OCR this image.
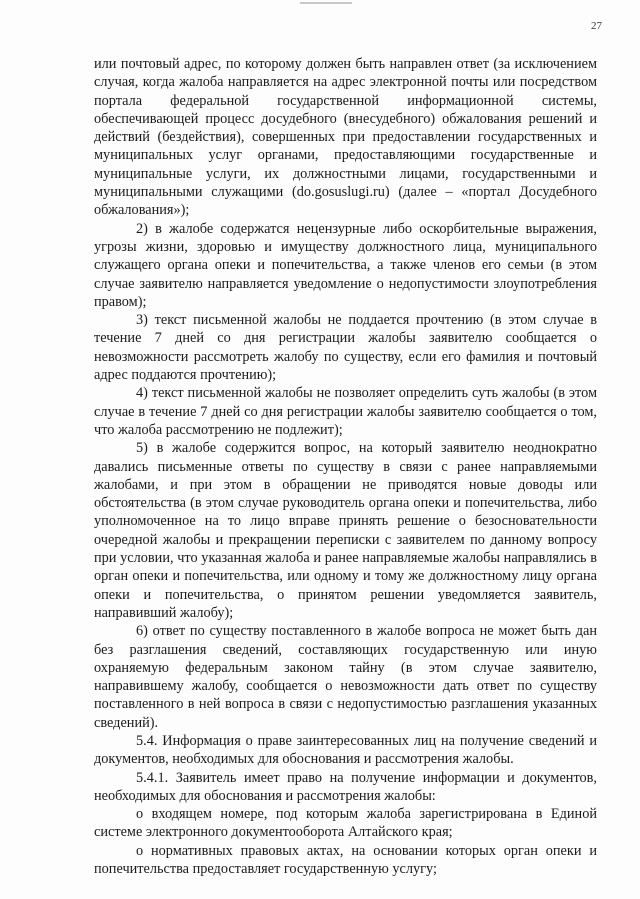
27

или почтовый адрес, по которому должен быть направлен ответ (за исключением случая, когда жалоба направляется на адрес электронной почты или посредством портала федеральной государственной информационной системы, обеспечивающей процесс досудебного (внесудебного) обжалования решений и действий (бездействия), совершенных при предоставлении государственных и муниципальных услуг органами, предоставляющими государственные и муниципальные услуги, их должностными лицами, государственными и муниципальными служащими (do.gosuslugi.ru) (далее – «портал Досудебного обжалования»);

2) в жалобе содержатся нецензурные либо оскорбительные выражения, угрозы жизни, здоровью и имуществу должностного лица, муниципального служащего органа опеки и попечительства, а также членов его семьи (в этом случае заявителю направляется уведомление о недопустимости злоупотребления правом);

3) текст письменной жалобы не поддается прочтению (в этом случае в течение 7 дней со дня регистрации жалобы заявителю сообщается о невозможности рассмотреть жалобу по существу, если его фамилия и почтовый адрес поддаются прочтению);

4) текст письменной жалобы не позволяет определить суть жалобы (в этом случае в течение 7 дней со дня регистрации жалобы заявителю сообщается о том, что жалоба рассмотрению не подлежит);

5) в жалобе содержится вопрос, на который заявителю неоднократно давались письменные ответы по существу в связи с ранее направляемыми жалобами, и при этом в обращении не приводятся новые доводы или обстоятельства (в этом случае руководитель органа опеки и попечительства, либо уполномоченное на то лицо вправе принять решение о безосновательности очередной жалобы и прекращении переписки с заявителем по данному вопросу при условии, что указанная жалоба и ранее направляемые жалобы направлялись в орган опеки и попечительства, или одному и тому же должностному лицу органа опеки и попечительства, о принятом решении уведомляется заявитель, направивший жалобу);

6) ответ по существу поставленного в жалобе вопроса не может быть дан без разглашения сведений, составляющих государственную или иную охраняемую федеральным законом тайну (в этом случае заявителю, направившему жалобу, сообщается о невозможности дать ответ по существу поставленного в ней вопроса в связи с недопустимостью разглашения указанных сведений).

5.4. Информация о праве заинтересованных лиц на получение сведений и документов, необходимых для обоснования и рассмотрения жалобы.

5.4.1. Заявитель имеет право на получение информации и документов, необходимых для обоснования и рассмотрения жалобы:

о входящем номере, под которым жалоба зарегистрирована в Единой системе электронного документооборота Алтайского края;

о нормативных правовых актах, на основании которых орган опеки и попечительства предоставляет государственную услугу;
